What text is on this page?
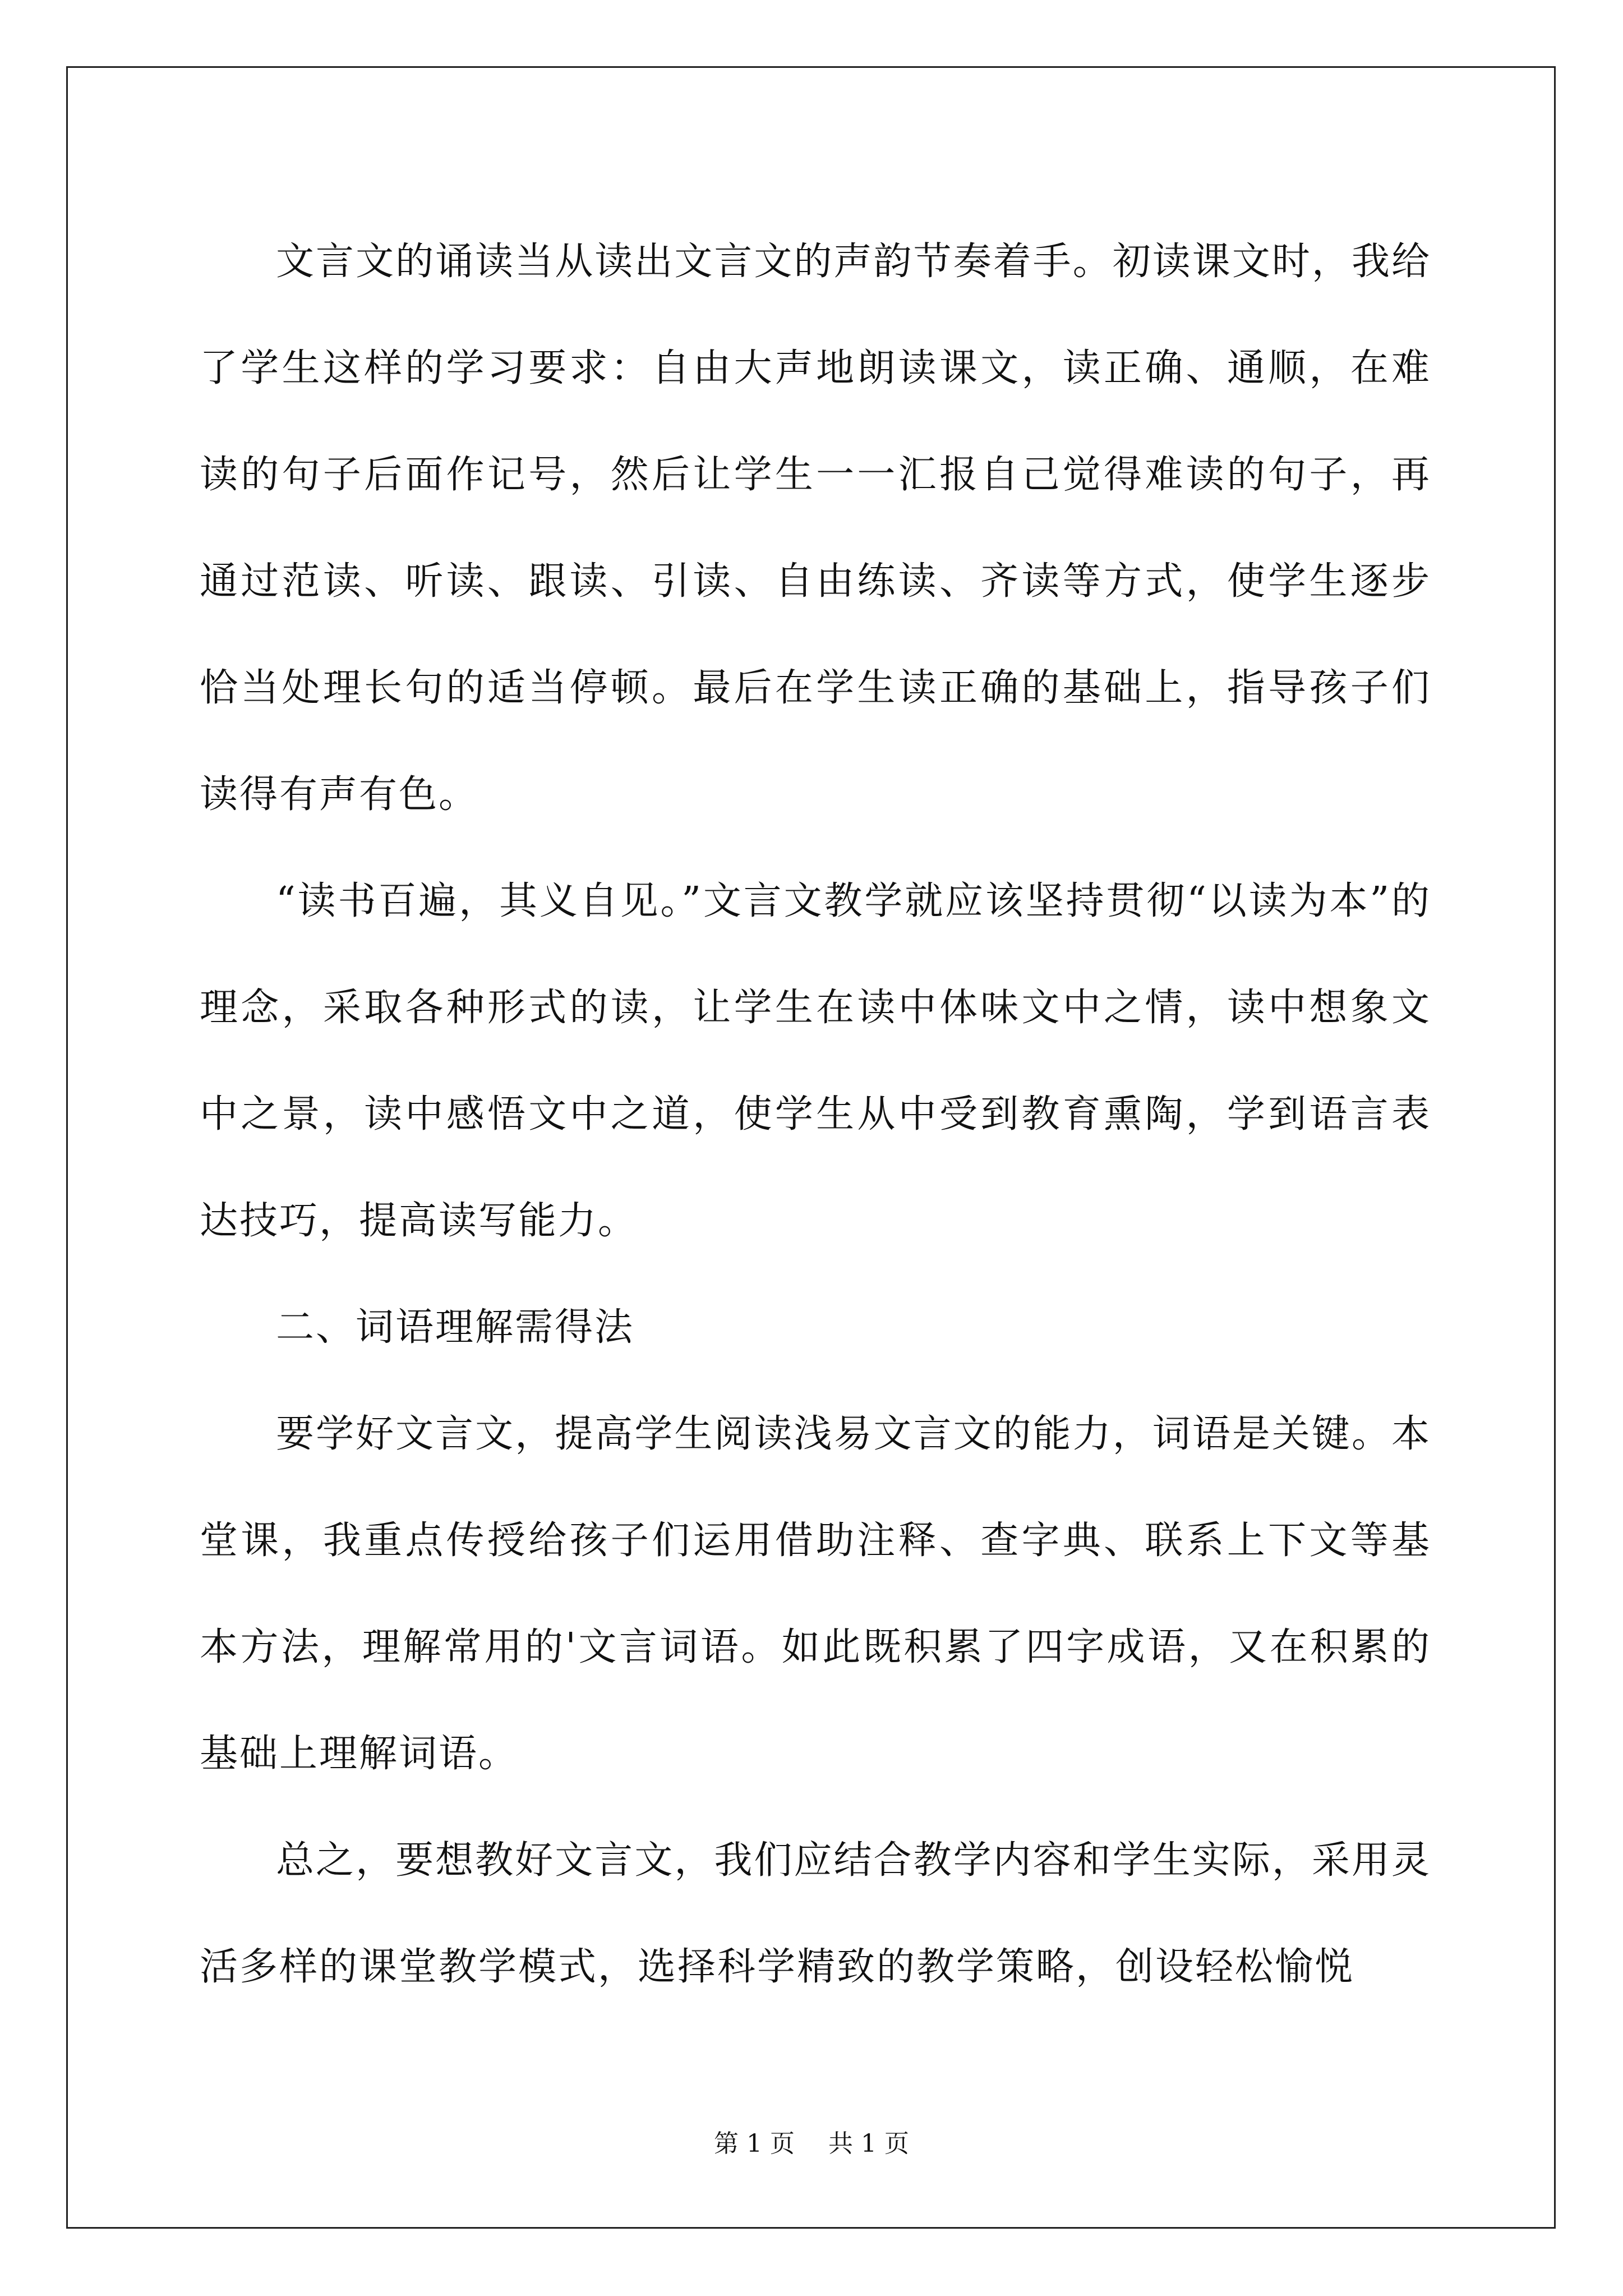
文言文的诵读当从读出文言文的声韵节奏着手。初读课文时，我给了学生这样的学习要求：自由大声地朗读课文，读正确、通顺，在难读的句子后面作记号，然后让学生一一汇报自己觉得难读的句子，再通过范读、听读、跟读、引读、自由练读、齐读等方式，使学生逐步恰当处理长句的适当停顿。最后在学生读正确的基础上，指导孩子们读得有声有色。

“读书百遍，其义自见。”文言文教学就应该坚持贯彻“以读为本”的理念，采取各种形式的读，让学生在读中体味文中之情，读中想象文中之景，读中感悟文中之道，使学生从中受到教育熏陶，学到语言表达技巧，提高读写能力。

二、词语理解需得法

要学好文言文，提高学生阅读浅易文言文的能力，词语是关键。本堂课，我重点传授给孩子们运用借助注释、查字典、联系上下文等基本方法，理解常用的'文言词语。如此既积累了四字成语，又在积累的基础上理解词语。

总之，要想教好文言文，我们应结合教学内容和学生实际，采用灵活多样的课堂教学模式，选择科学精致的教学策略，创设轻松愉悦

第 1 页 共 1 页
